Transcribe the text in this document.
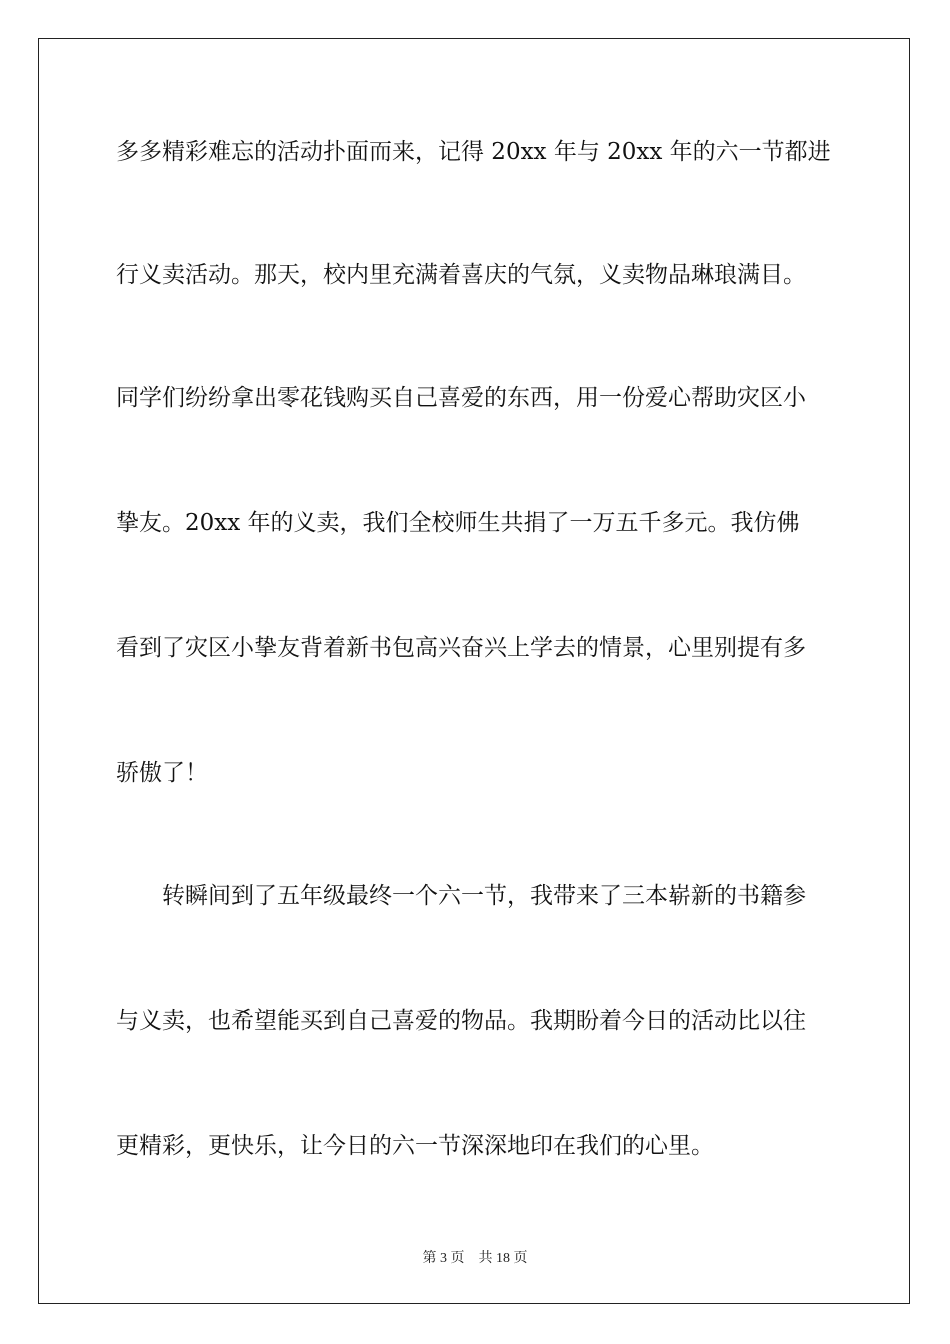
多多精彩难忘的活动扑面而来，记得 20xx 年与 20xx 年的六一节都进
行义卖活动。那天，校内里充满着喜庆的气氛，义卖物品琳琅满目。
同学们纷纷拿出零花钱购买自己喜爱的东西，用一份爱心帮助灾区小
挚友。20xx 年的义卖，我们全校师生共捐了一万五千多元。我仿佛
看到了灾区小挚友背着新书包高兴奋兴上学去的情景，心里别提有多
骄傲了！
　　转瞬间到了五年级最终一个六一节，我带来了三本崭新的书籍参
与义卖，也希望能买到自己喜爱的物品。我期盼着今日的活动比以往
更精彩，更快乐，让今日的六一节深深地印在我们的心里。
第 3 页 共 18 页
